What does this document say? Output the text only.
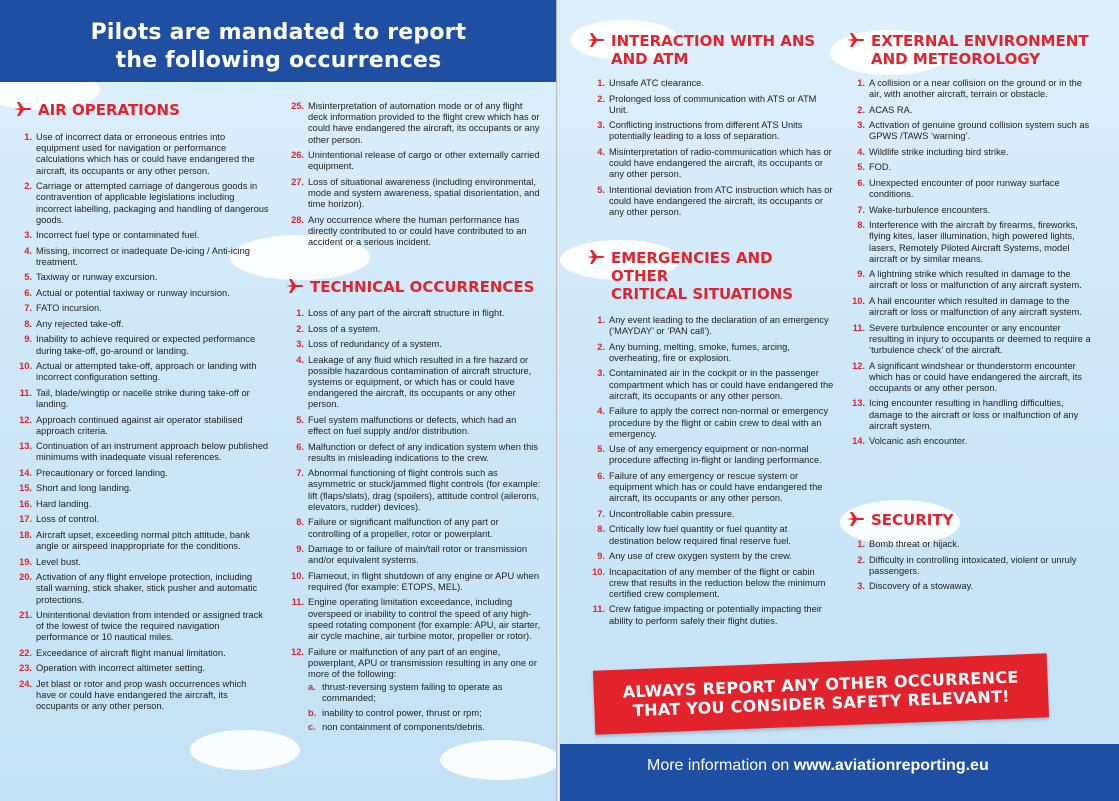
Pilots are mandated to report
the following occurrences
AIR OPERATIONS
1. Use of incorrect data or erroneous entries into equipment used for navigation or performance calculations which has or could have endangered the aircraft, its occupants or any other person.
2. Carriage or attempted carriage of dangerous goods in contravention of applicable legislations including incorrect labelling, packaging and handling of dangerous goods.
3. Incorrect fuel type or contaminated fuel.
4. Missing, incorrect or inadequate De-icing / Anti-icing treatment.
5. Taxiway or runway excursion.
6. Actual or potential taxiway or runway incursion.
7. FATO incursion.
8. Any rejected take-off.
9. Inability to achieve required or expected performance during take-off, go-around or landing.
10. Actual or attempted take-off, approach or landing with incorrect configuration setting.
11. Tail, blade/wingtip or nacelle strike during take-off or landing.
12. Approach continued against air operator stabilised approach criteria.
13. Continuation of an instrument approach below published minimums with inadequate visual references.
14. Precautionary or forced landing.
15. Short and long landing.
16. Hard landing.
17. Loss of control.
18. Aircraft upset, exceeding normal pitch attitude, bank angle or airspeed inappropriate for the conditions.
19. Level bust.
20. Activation of any flight envelope protection, including stall warning, stick shaker, stick pusher and automatic protections.
21. Unintentional deviation from intended or assigned track of the lowest of twice the required navigation performance or 10 nautical miles.
22. Exceedance of aircraft flight manual limitation.
23. Operation with incorrect altimeter setting.
24. Jet blast or rotor and prop wash occurrences which have or could have endangered the aircraft, its occupants or any other person.
25. Misinterpretation of automation mode or of any flight deck information provided to the flight crew which has or could have endangered the aircraft, its occupants or any other person.
26. Unintentional release of cargo or other externally carried equipment.
27. Loss of situational awareness (including environmental, mode and system awareness, spatial disorientation, and time horizon).
28. Any occurrence where the human performance has directly contributed to or could have contributed to an accident or a serious incident.
TECHNICAL OCCURRENCES
1. Loss of any part of the aircraft structure in flight.
2. Loss of a system.
3. Loss of redundancy of a system.
4. Leakage of any fluid which resulted in a fire hazard or possible hazardous contamination of aircraft structure, systems or equipment, or which has or could have endangered the aircraft, its occupants or any other person.
5. Fuel system malfunctions or defects, which had an effect on fuel supply and/or distribution.
6. Malfunction or defect of any indication system when this results in misleading indications to the crew.
7. Abnormal functioning of flight controls such as asymmetric or stuck/jammed flight controls (for example: lift (flaps/slats), drag (spoilers), attitude control (ailerons, elevators, rudder) devices).
8. Failure or significant malfunction of any part or controlling of a propeller, rotor or powerplant.
9. Damage to or failure of main/tail rotor or transmission and/or equivalent systems.
10. Flameout, in flight shutdown of any engine or APU when required (for example: ETOPS, MEL).
11. Engine operating limitation exceedance, including overspeed or inability to control the speed of any high-speed rotating component (for example: APU, air starter, air cycle machine, air turbine motor, propeller or rotor).
12. Failure or malfunction of any part of an engine, powerplant, APU or transmission resulting in any one or more of the following:
a. thrust-reversing system failing to operate as commanded;
b. inability to control power, thrust or rpm;
c. non containment of components/debris.
INTERACTION WITH ANS
AND ATM
1. Unsafe ATC clearance.
2. Prolonged loss of communication with ATS or ATM Unit.
3. Conflicting instructions from different ATS Units potentially leading to a loss of separation.
4. Misinterpretation of radio-communication which has or could have endangered the aircraft, its occupants or any other person.
5. Intentional deviation from ATC instruction which has or could have endangered the aircraft, its occupants or any other person.
EMERGENCIES AND OTHER
CRITICAL SITUATIONS
1. Any event leading to the declaration of an emergency (‘MAYDAY’ or ‘PAN call’).
2. Any burning, melting, smoke, fumes, arcing, overheating, fire or explosion.
3. Contaminated air in the cockpit or in the passenger compartment which has or could have endangered the aircraft, its occupants or any other person.
4. Failure to apply the correct non-normal or emergency procedure by the flight or cabin crew to deal with an emergency.
5. Use of any emergency equipment or non-normal procedure affecting in-flight or landing performance.
6. Failure of any emergency or rescue system or equipment which has or could have endangered the aircraft, its occupants or any other person.
7. Uncontrollable cabin pressure.
8. Critically low fuel quantity or fuel quantity at destination below required final reserve fuel.
9. Any use of crew oxygen system by the crew.
10. Incapacitation of any member of the flight or cabin crew that results in the reduction below the minimum certified crew complement.
11. Crew fatigue impacting or potentially impacting their ability to perform safely their flight duties.
EXTERNAL ENVIRONMENT
AND METEOROLOGY
1. A collision or a near collision on the ground or in the air, with another aircraft, terrain or obstacle.
2. ACAS RA.
3. Activation of genuine ground collision system such as GPWS /TAWS ‘warning’.
4. Wildlife strike including bird strike.
5. FOD.
6. Unexpected encounter of poor runway surface conditions.
7. Wake-turbulence encounters.
8. Interference with the aircraft by firearms, fireworks, flying kites, laser illumination, high powered lights, lasers, Remotely Piloted Aircraft Systems, model aircraft or by similar means.
9. A lightning strike which resulted in damage to the aircraft or loss or malfunction of any aircraft system.
10. A hail encounter which resulted in damage to the aircraft or loss or malfunction of any aircraft system.
11. Severe turbulence encounter or any encounter resulting in injury to occupants or deemed to require a ‘turbulence check’ of the aircraft.
12. A significant windshear or thunderstorm encounter which has or could have endangered the aircraft, its occupants or any other person.
13. Icing encounter resulting in handling difficulties, damage to the aircraft or loss or malfunction of any aircraft system.
14. Volcanic ash encounter.
SECURITY
1. Bomb threat or hijack.
2. Difficulty in controlling intoxicated, violent or unruly passengers.
3. Discovery of a stowaway.

ALWAYS REPORT ANY OTHER OCCURRENCE
THAT YOU CONSIDER SAFETY RELEVANT!

More information on www.aviationreporting.eu
